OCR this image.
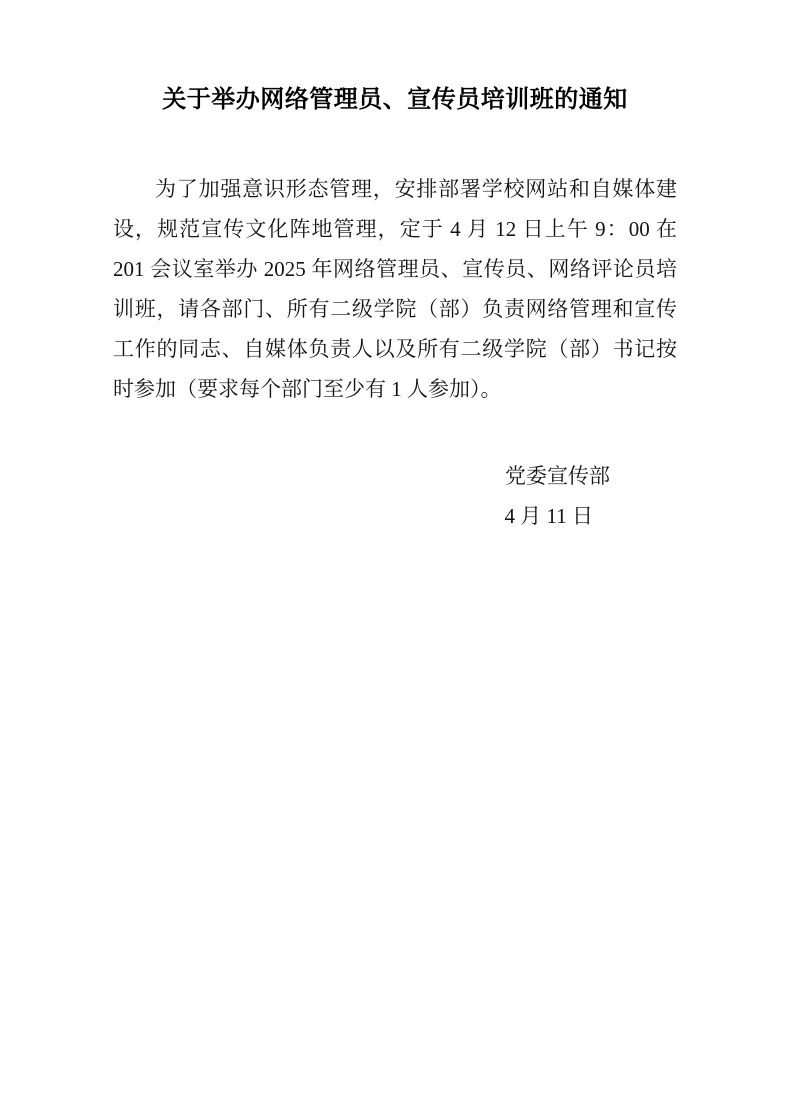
关于举办网络管理员、宣传员培训班的通知
为了加强意识形态管理，安排部署学校网站和自媒体建
设，规范宣传文化阵地管理，定于 4 月 12 日上午 9：00 在
201 会议室举办 2025 年网络管理员、宣传员、网络评论员培
训班，请各部门、所有二级学院（部）负责网络管理和宣传
工作的同志、自媒体负责人以及所有二级学院（部）书记按
时参加（要求每个部门至少有 1 人参加）。
党委宣传部
4 月 11 日
